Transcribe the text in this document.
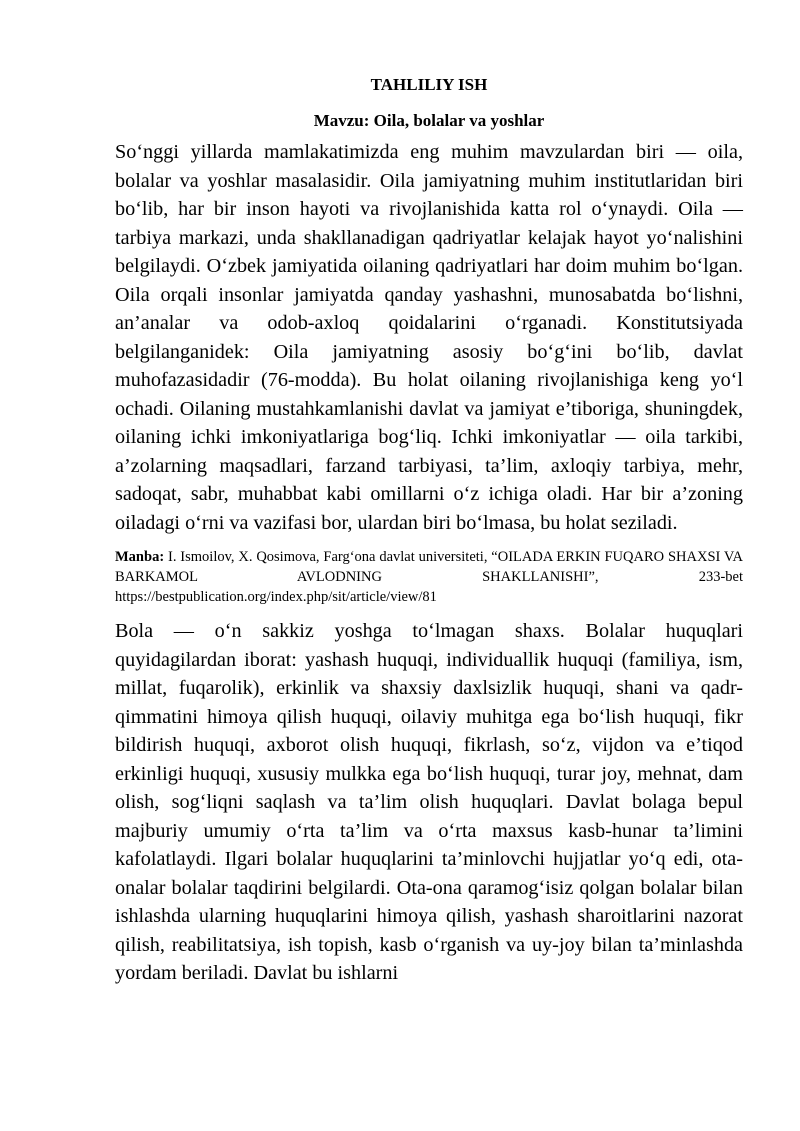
TAHLILIY ISH
Mavzu: Oila, bolalar va yoshlar

So‘nggi yillarda mamlakatimizda eng muhim mavzulardan biri — oila, bolalar va yoshlar masalasidir. Oila jamiyatning muhim institutlaridan biri bo‘lib, har bir inson hayoti va rivojlanishida katta rol o‘ynaydi. Oila — tarbiya markazi, unda shakllanadigan qadriyatlar kelajak hayot yo‘nalishini belgilaydi. O‘zbek jamiyatida oilaning qadriyatlari har doim muhim bo‘lgan. Oila orqali insonlar jamiyatda qanday yashashni, munosabatda bo‘lishni, an’analar va odob-axloq qoidalarini o‘rganadi. Konstitutsiyada belgilanganidek: Oila jamiyatning asosiy bo‘g‘ini bo‘lib, davlat muhofazasidadir (76-modda). Bu holat oilaning rivojlanishiga keng yo‘l ochadi. Oilaning mustahkamlanishi davlat va jamiyat e’tiboriga, shuningdek, oilaning ichki imkoniyatlariga bog‘liq. Ichki imkoniyatlar — oila tarkibi, a’zolarning maqsadlari, farzand tarbiyasi, ta’lim, axloqiy tarbiya, mehr, sadoqat, sabr, muhabbat kabi omillarni o‘z ichiga oladi. Har bir a’zoning oiladagi o‘rni va vazifasi bor, ulardan biri bo‘lmasa, bu holat seziladi.

Manba: I. Ismoilov, X. Qosimova, Farg‘ona davlat universiteti, “OILADA ERKIN FUQARO SHAXSI VA BARKAMOL AVLODNING SHAKLLANISHI”, 233-bet https://bestpublication.org/index.php/sit/article/view/81

Bola — o‘n sakkiz yoshga to‘lmagan shaxs. Bolalar huquqlari quyidagilardan iborat: yashash huquqi, individuallik huquqi (familiya, ism, millat, fuqarolik), erkinlik va shaxsiy daxlsizlik huquqi, shani va qadr-qimmatini himoya qilish huquqi, oilaviy muhitga ega bo‘lish huquqi, fikr bildirish huquqi, axborot olish huquqi, fikrlash, so‘z, vijdon va e’tiqod erkinligi huquqi, xususiy mulkka ega bo‘lish huquqi, turar joy, mehnat, dam olish, sog‘liqni saqlash va ta’lim olish huquqlari. Davlat bolaga bepul majburiy umumiy o‘rta ta’lim va o‘rta maxsus kasb-hunar ta’limini kafolatlaydi. Ilgari bolalar huquqlarini ta’minlovchi hujjatlar yo‘q edi, ota-onalar bolalar taqdirini belgilardi. Ota-ona qaramog‘isiz qolgan bolalar bilan ishlashda ularning huquqlarini himoya qilish, yashash sharoitlarini nazorat qilish, reabilitatsiya, ish topish, kasb o‘rganish va uy-joy bilan ta’minlashda yordam beriladi. Davlat bu ishlarni
